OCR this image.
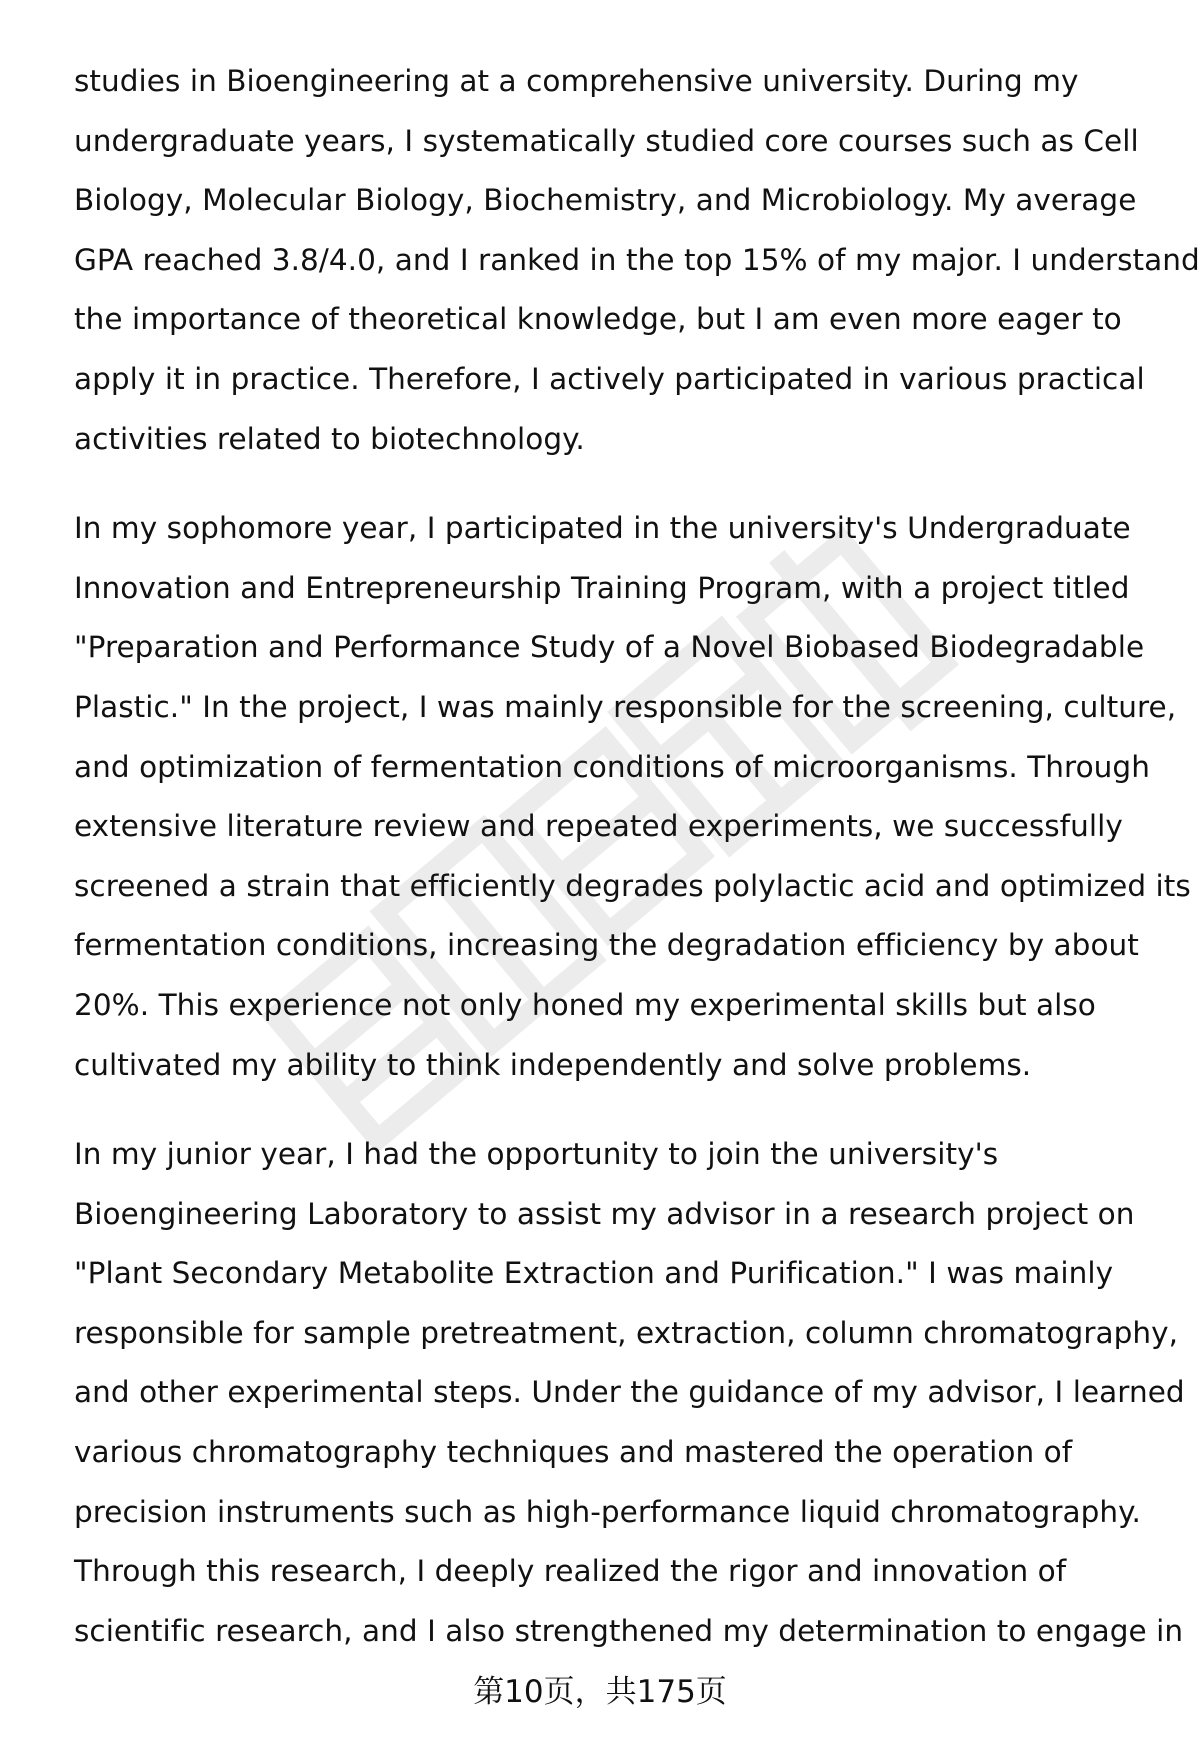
studies in Bioengineering at a comprehensive university. During my
undergraduate years, I systematically studied core courses such as Cell
Biology, Molecular Biology, Biochemistry, and Microbiology. My average
GPA reached 3.8/4.0, and I ranked in the top 15% of my major. I understand
the importance of theoretical knowledge, but I am even more eager to
apply it in practice. Therefore, I actively participated in various practical
activities related to biotechnology.

In my sophomore year, I participated in the university's Undergraduate
Innovation and Entrepreneurship Training Program, with a project titled
"Preparation and Performance Study of a Novel Biobased Biodegradable
Plastic." In the project, I was mainly responsible for the screening, culture,
and optimization of fermentation conditions of microorganisms. Through
extensive literature review and repeated experiments, we successfully
screened a strain that efficiently degrades polylactic acid and optimized its
fermentation conditions, increasing the degradation efficiency by about
20%. This experience not only honed my experimental skills but also
cultivated my ability to think independently and solve problems.

In my junior year, I had the opportunity to join the university's
Bioengineering Laboratory to assist my advisor in a research project on
"Plant Secondary Metabolite Extraction and Purification." I was mainly
responsible for sample pretreatment, extraction, column chromatography,
and other experimental steps. Under the guidance of my advisor, I learned
various chromatography techniques and mastered the operation of
precision instruments such as high-performance liquid chromatography.
Through this research, I deeply realized the rigor and innovation of
scientific research, and I also strengthened my determination to engage in

第10页，共175页
